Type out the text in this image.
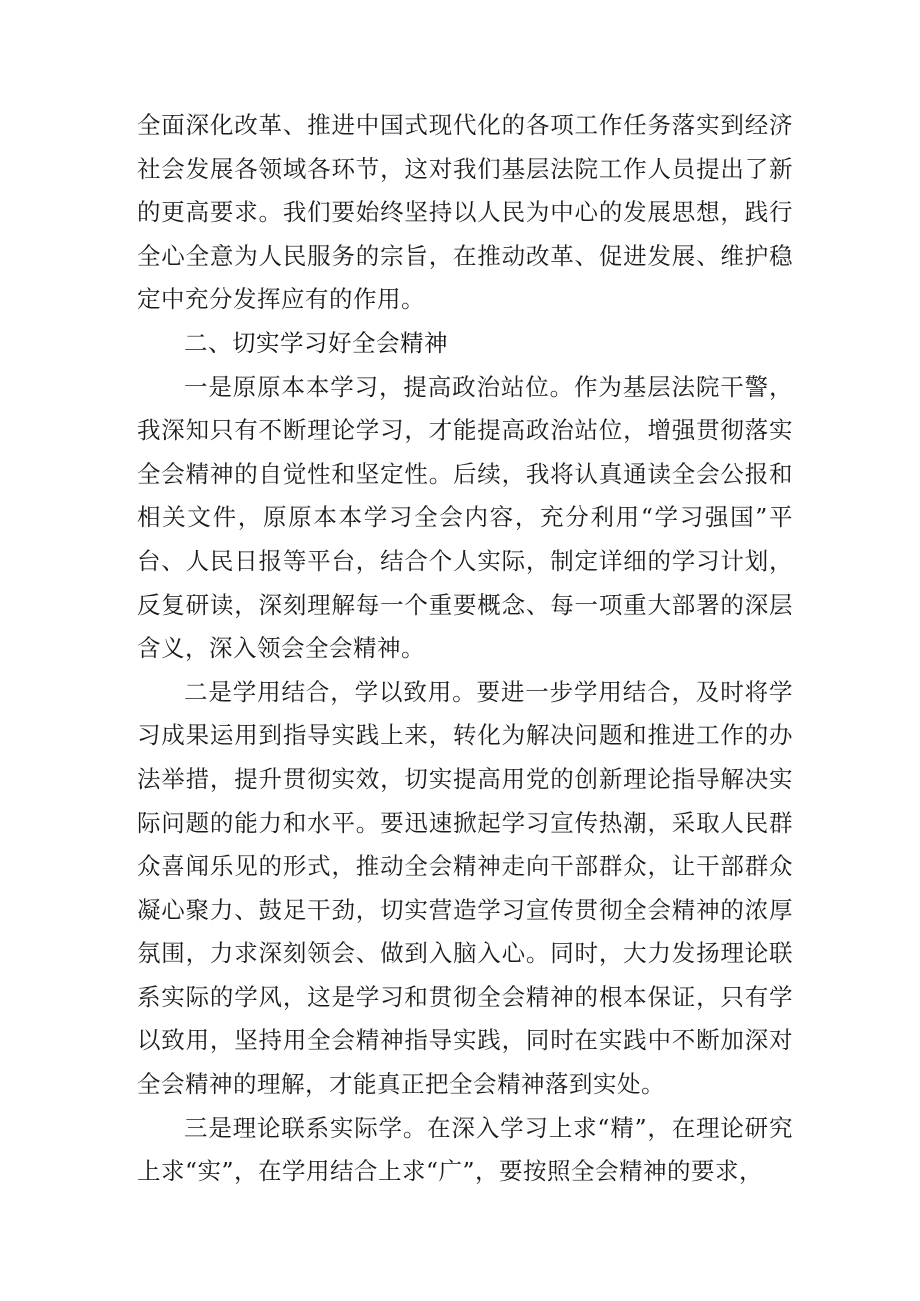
全面深化改革、推进中国式现代化的各项工作任务落实到经济社会发展各领域各环节，这对我们基层法院工作人员提出了新的更高要求。我们要始终坚持以人民为中心的发展思想，践行全心全意为人民服务的宗旨，在推动改革、促进发展、维护稳定中充分发挥应有的作用。

二、切实学习好全会精神

一是原原本本学习，提高政治站位。作为基层法院干警，我深知只有不断理论学习，才能提高政治站位，增强贯彻落实全会精神的自觉性和坚定性。后续，我将认真通读全会公报和相关文件，原原本本学习全会内容，充分利用“学习强国”平台、人民日报等平台，结合个人实际，制定详细的学习计划，反复研读，深刻理解每一个重要概念、每一项重大部署的深层含义，深入领会全会精神。

二是学用结合，学以致用。要进一步学用结合，及时将学习成果运用到指导实践上来，转化为解决问题和推进工作的办法举措，提升贯彻实效，切实提高用党的创新理论指导解决实际问题的能力和水平。要迅速掀起学习宣传热潮，采取人民群众喜闻乐见的形式，推动全会精神走向干部群众，让干部群众凝心聚力、鼓足干劲，切实营造学习宣传贯彻全会精神的浓厚氛围，力求深刻领会、做到入脑入心。同时，大力发扬理论联系实际的学风，这是学习和贯彻全会精神的根本保证，只有学以致用，坚持用全会精神指导实践，同时在实践中不断加深对全会精神的理解，才能真正把全会精神落到实处。

三是理论联系实际学。在深入学习上求“精”，在理论研究上求“实”，在学用结合上求“广”，要按照全会精神的要求，
